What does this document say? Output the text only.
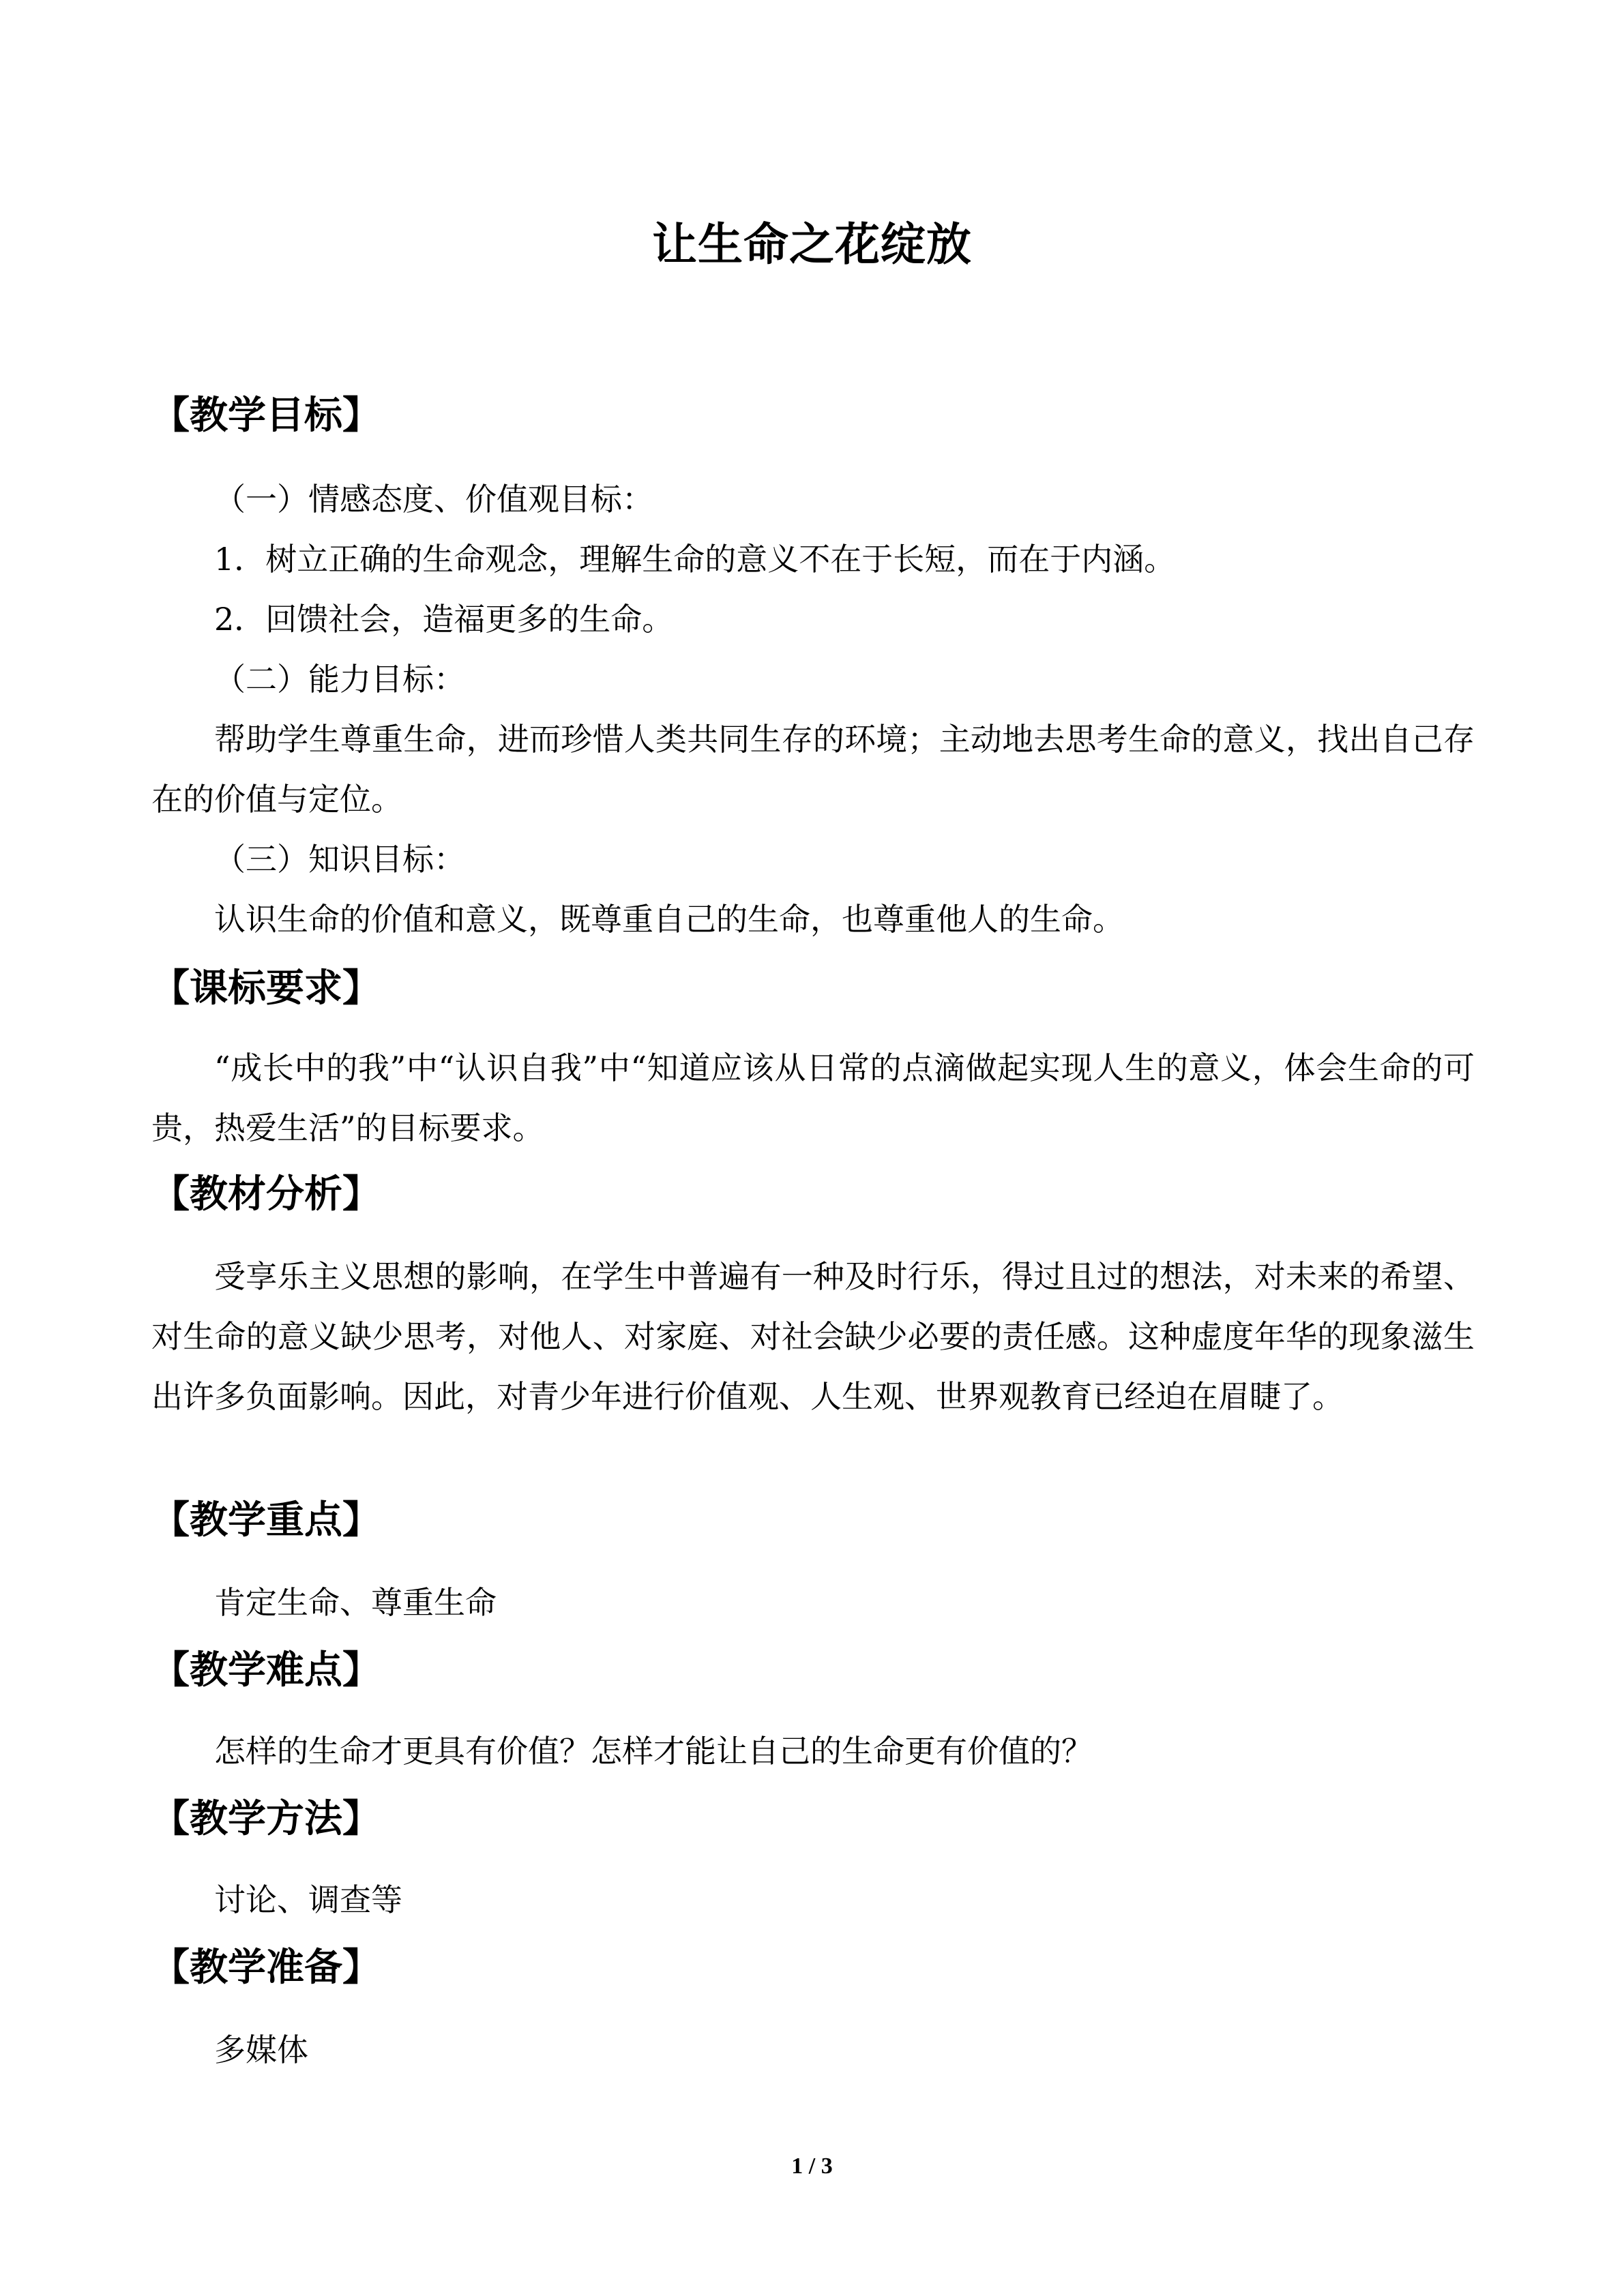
让生命之花绽放
【教学目标】
（一）情感态度、价值观目标：
1．树立正确的生命观念，理解生命的意义不在于长短，而在于内涵。
2．回馈社会，造福更多的生命。
（二）能力目标：
帮助学生尊重生命，进而珍惜人类共同生存的环境；主动地去思考生命的意义，找出自己存在的价值与定位。
（三）知识目标：
认识生命的价值和意义，既尊重自己的生命，也尊重他人的生命。
【课标要求】
“成长中的我”中“认识自我”中“知道应该从日常的点滴做起实现人生的意义，体会生命的可贵，热爱生活”的目标要求。
【教材分析】
受享乐主义思想的影响，在学生中普遍有一种及时行乐，得过且过的想法，对未来的希望、对生命的意义缺少思考，对他人、对家庭、对社会缺少必要的责任感。这种虚度年华的现象滋生出许多负面影响。因此，对青少年进行价值观、人生观、世界观教育已经迫在眉睫了。
【教学重点】
肯定生命、尊重生命
【教学难点】
怎样的生命才更具有价值？怎样才能让自己的生命更有价值的？
【教学方法】
讨论、调查等
【教学准备】
多媒体
1 / 3
